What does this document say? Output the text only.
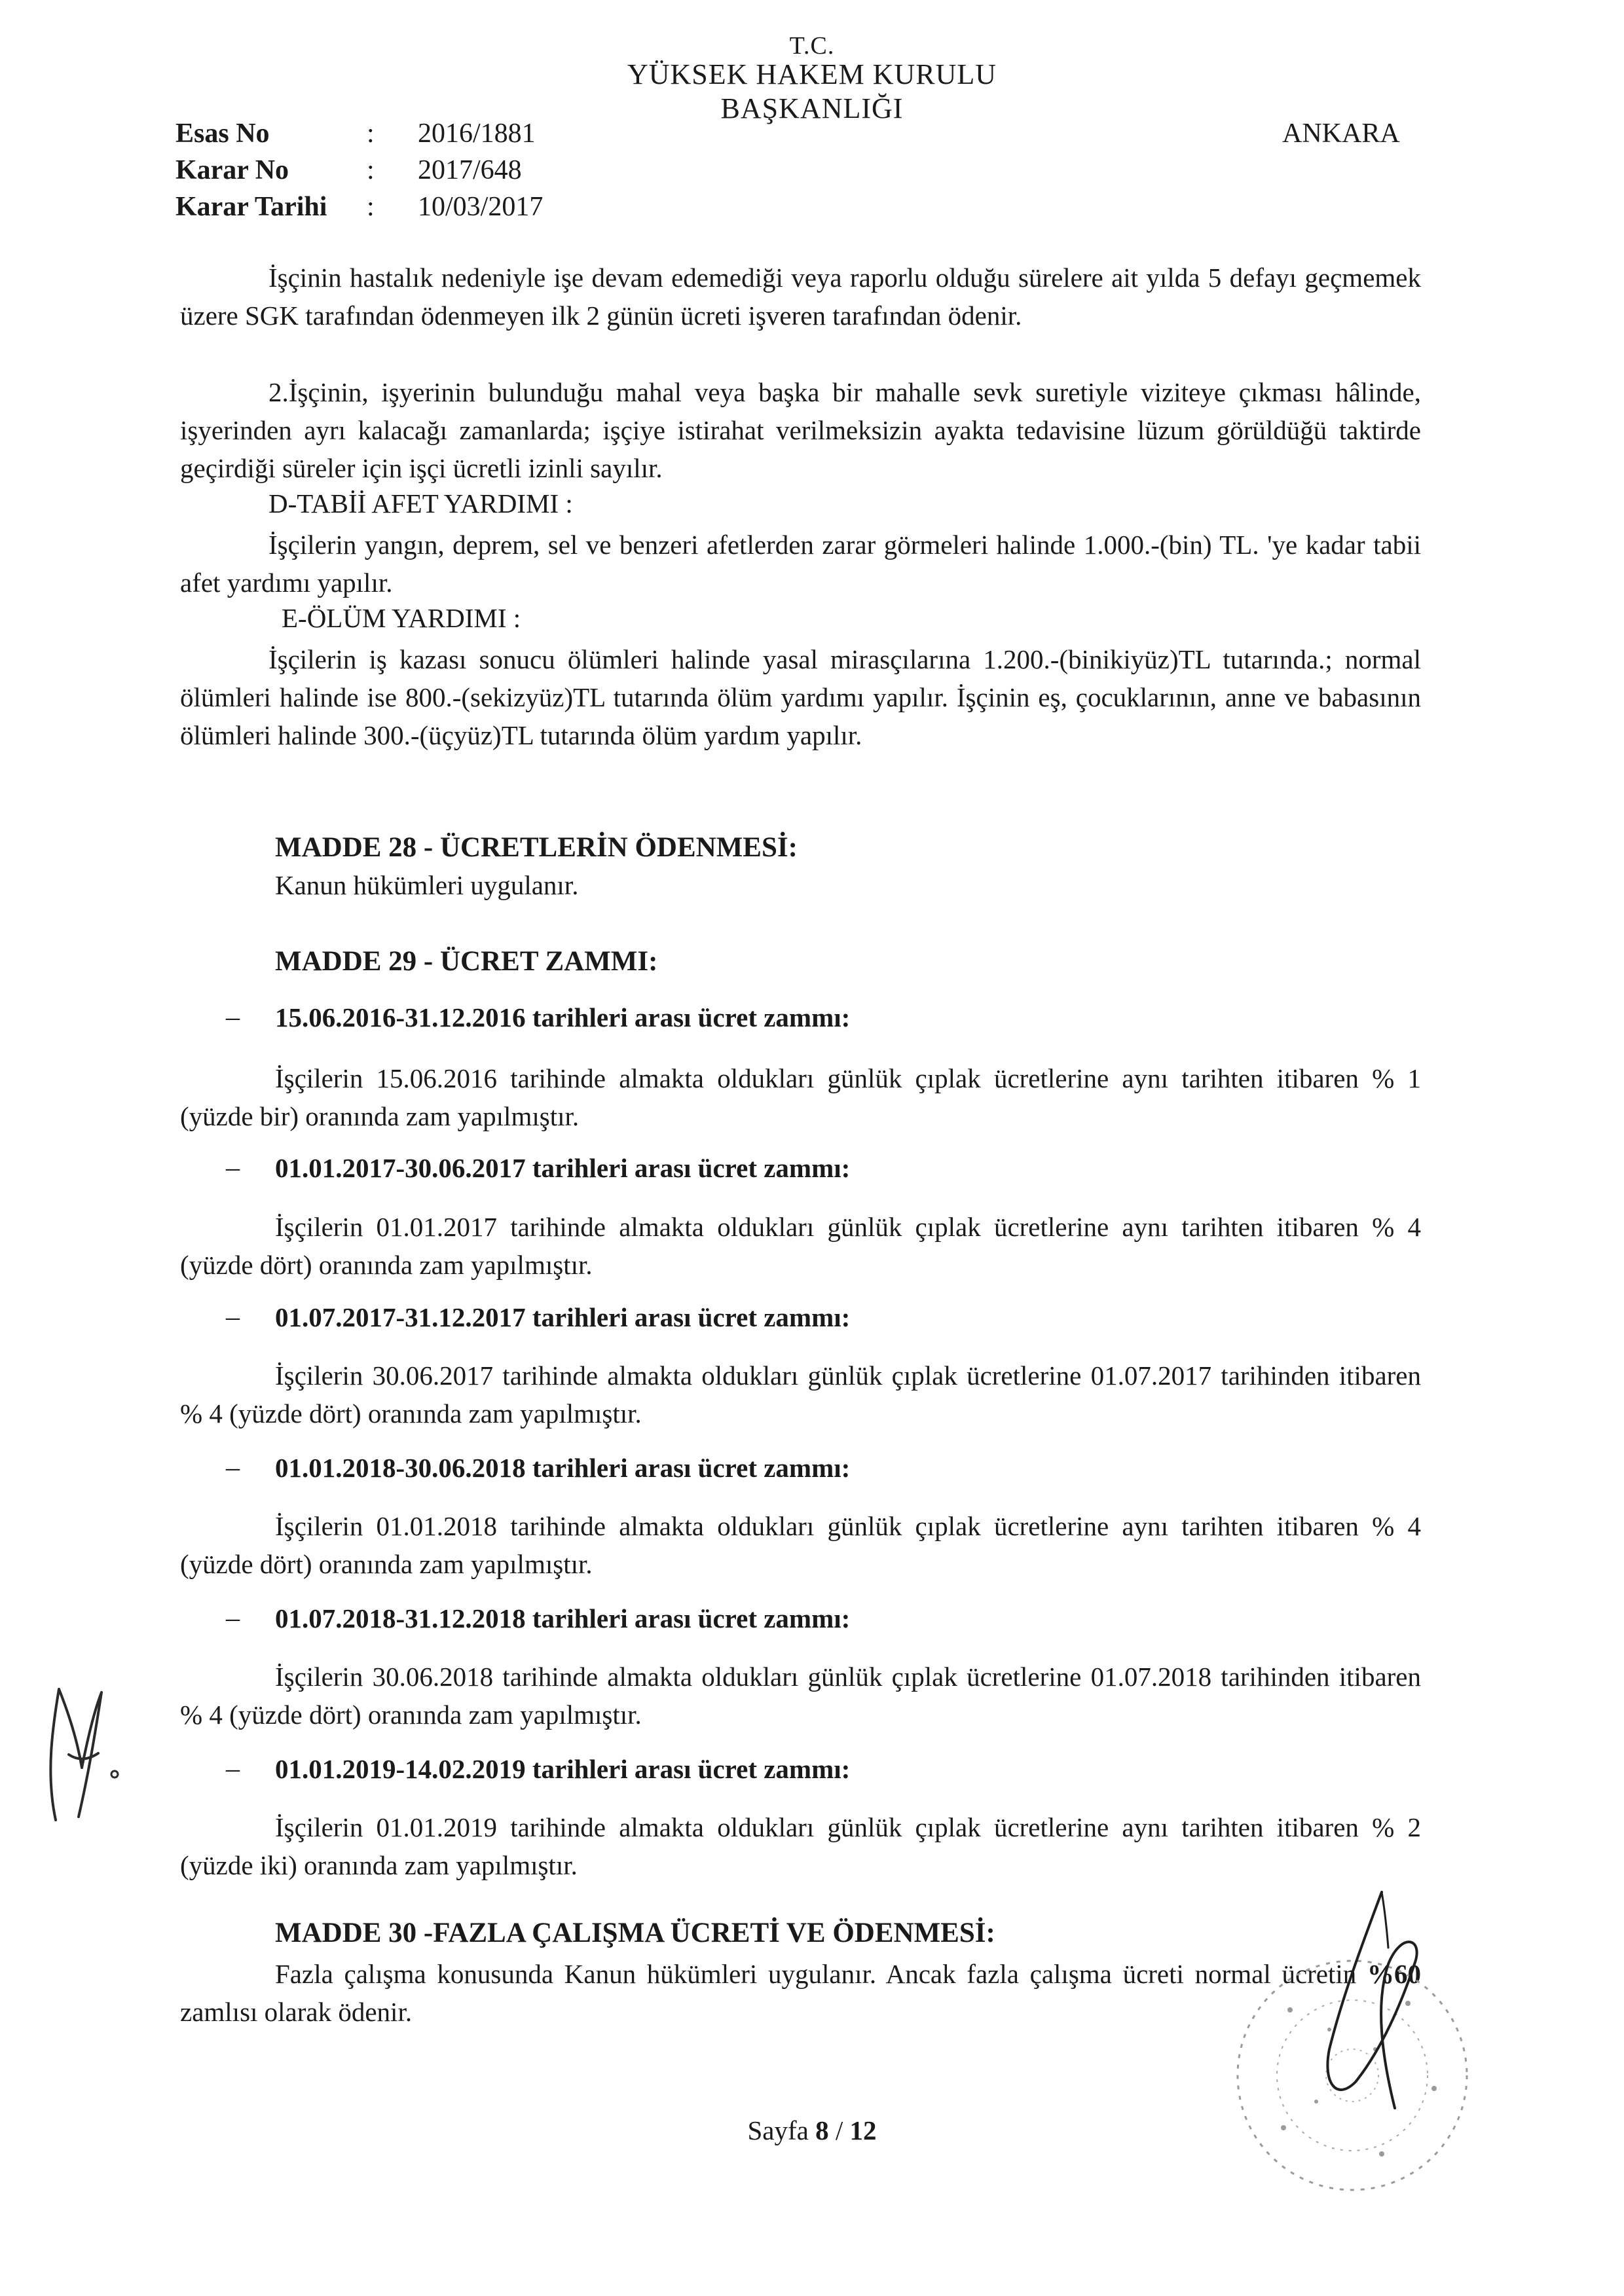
T.C.
YÜKSEK HAKEM KURULU
BAŞKANLIĞI
ANKARA
Esas No	: 2016/1881
Karar No	: 2017/648
Karar Tarihi : 10/03/2017
İşçinin hastalık nedeniyle işe devam edemediği veya raporlu olduğu sürelere ait yılda 5 defayı geçmemek üzere SGK tarafından ödenmeyen ilk 2 günün ücreti işveren tarafından ödenir.
2.İşçinin, işyerinin bulunduğu mahal veya başka bir mahalle sevk suretiyle viziteye çıkması hâlinde, işyerinden ayrı kalacağı zamanlarda; işçiye istirahat verilmeksizin ayakta tedavisine lüzum görüldüğü taktirde geçirdiği süreler için işçi ücretli izinli sayılır.
D-TABİİ AFET YARDIMI :
İşçilerin yangın, deprem, sel ve benzeri afetlerden zarar görmeleri halinde 1.000.-(bin) TL. 'ye kadar tabii afet yardımı yapılır.
E-ÖLÜM YARDIMI :
İşçilerin iş kazası sonucu ölümleri halinde yasal mirasçılarına 1.200.-(binikiyüz)TL tutarında.; normal ölümleri halinde ise 800.-(sekizyüz)TL tutarında ölüm yardımı yapılır. İşçinin eş, çocuklarının, anne ve babasının ölümleri halinde 300.-(üçyüz)TL tutarında ölüm yardım yapılır.
MADDE 28 - ÜCRETLERİN ÖDENMESİ:
Kanun hükümleri uygulanır.
MADDE 29 - ÜCRET ZAMMI:
– 15.06.2016-31.12.2016 tarihleri arası ücret zammı:
İşçilerin 15.06.2016 tarihinde almakta oldukları günlük çıplak ücretlerine aynı tarihten itibaren % 1 (yüzde bir) oranında zam yapılmıştır.
– 01.01.2017-30.06.2017 tarihleri arası ücret zammı:
İşçilerin 01.01.2017 tarihinde almakta oldukları günlük çıplak ücretlerine aynı tarihten itibaren % 4 (yüzde dört) oranında zam yapılmıştır.
– 01.07.2017-31.12.2017 tarihleri arası ücret zammı:
İşçilerin 30.06.2017 tarihinde almakta oldukları günlük çıplak ücretlerine 01.07.2017 tarihinden itibaren % 4 (yüzde dört) oranında zam yapılmıştır.
– 01.01.2018-30.06.2018 tarihleri arası ücret zammı:
İşçilerin 01.01.2018 tarihinde almakta oldukları günlük çıplak ücretlerine aynı tarihten itibaren % 4 (yüzde dört) oranında zam yapılmıştır.
– 01.07.2018-31.12.2018 tarihleri arası ücret zammı:
İşçilerin 30.06.2018 tarihinde almakta oldukları günlük çıplak ücretlerine 01.07.2018 tarihinden itibaren % 4 (yüzde dört) oranında zam yapılmıştır.
– 01.01.2019-14.02.2019 tarihleri arası ücret zammı:
İşçilerin 01.01.2019 tarihinde almakta oldukları günlük çıplak ücretlerine aynı tarihten itibaren % 2 (yüzde iki) oranında zam yapılmıştır.
MADDE 30 -FAZLA ÇALIŞMA ÜCRETİ VE ÖDENMESİ:
Fazla çalışma konusunda Kanun hükümleri uygulanır. Ancak fazla çalışma ücreti normal ücretin %60 zamlısı olarak ödenir.
Sayfa 8 / 12
